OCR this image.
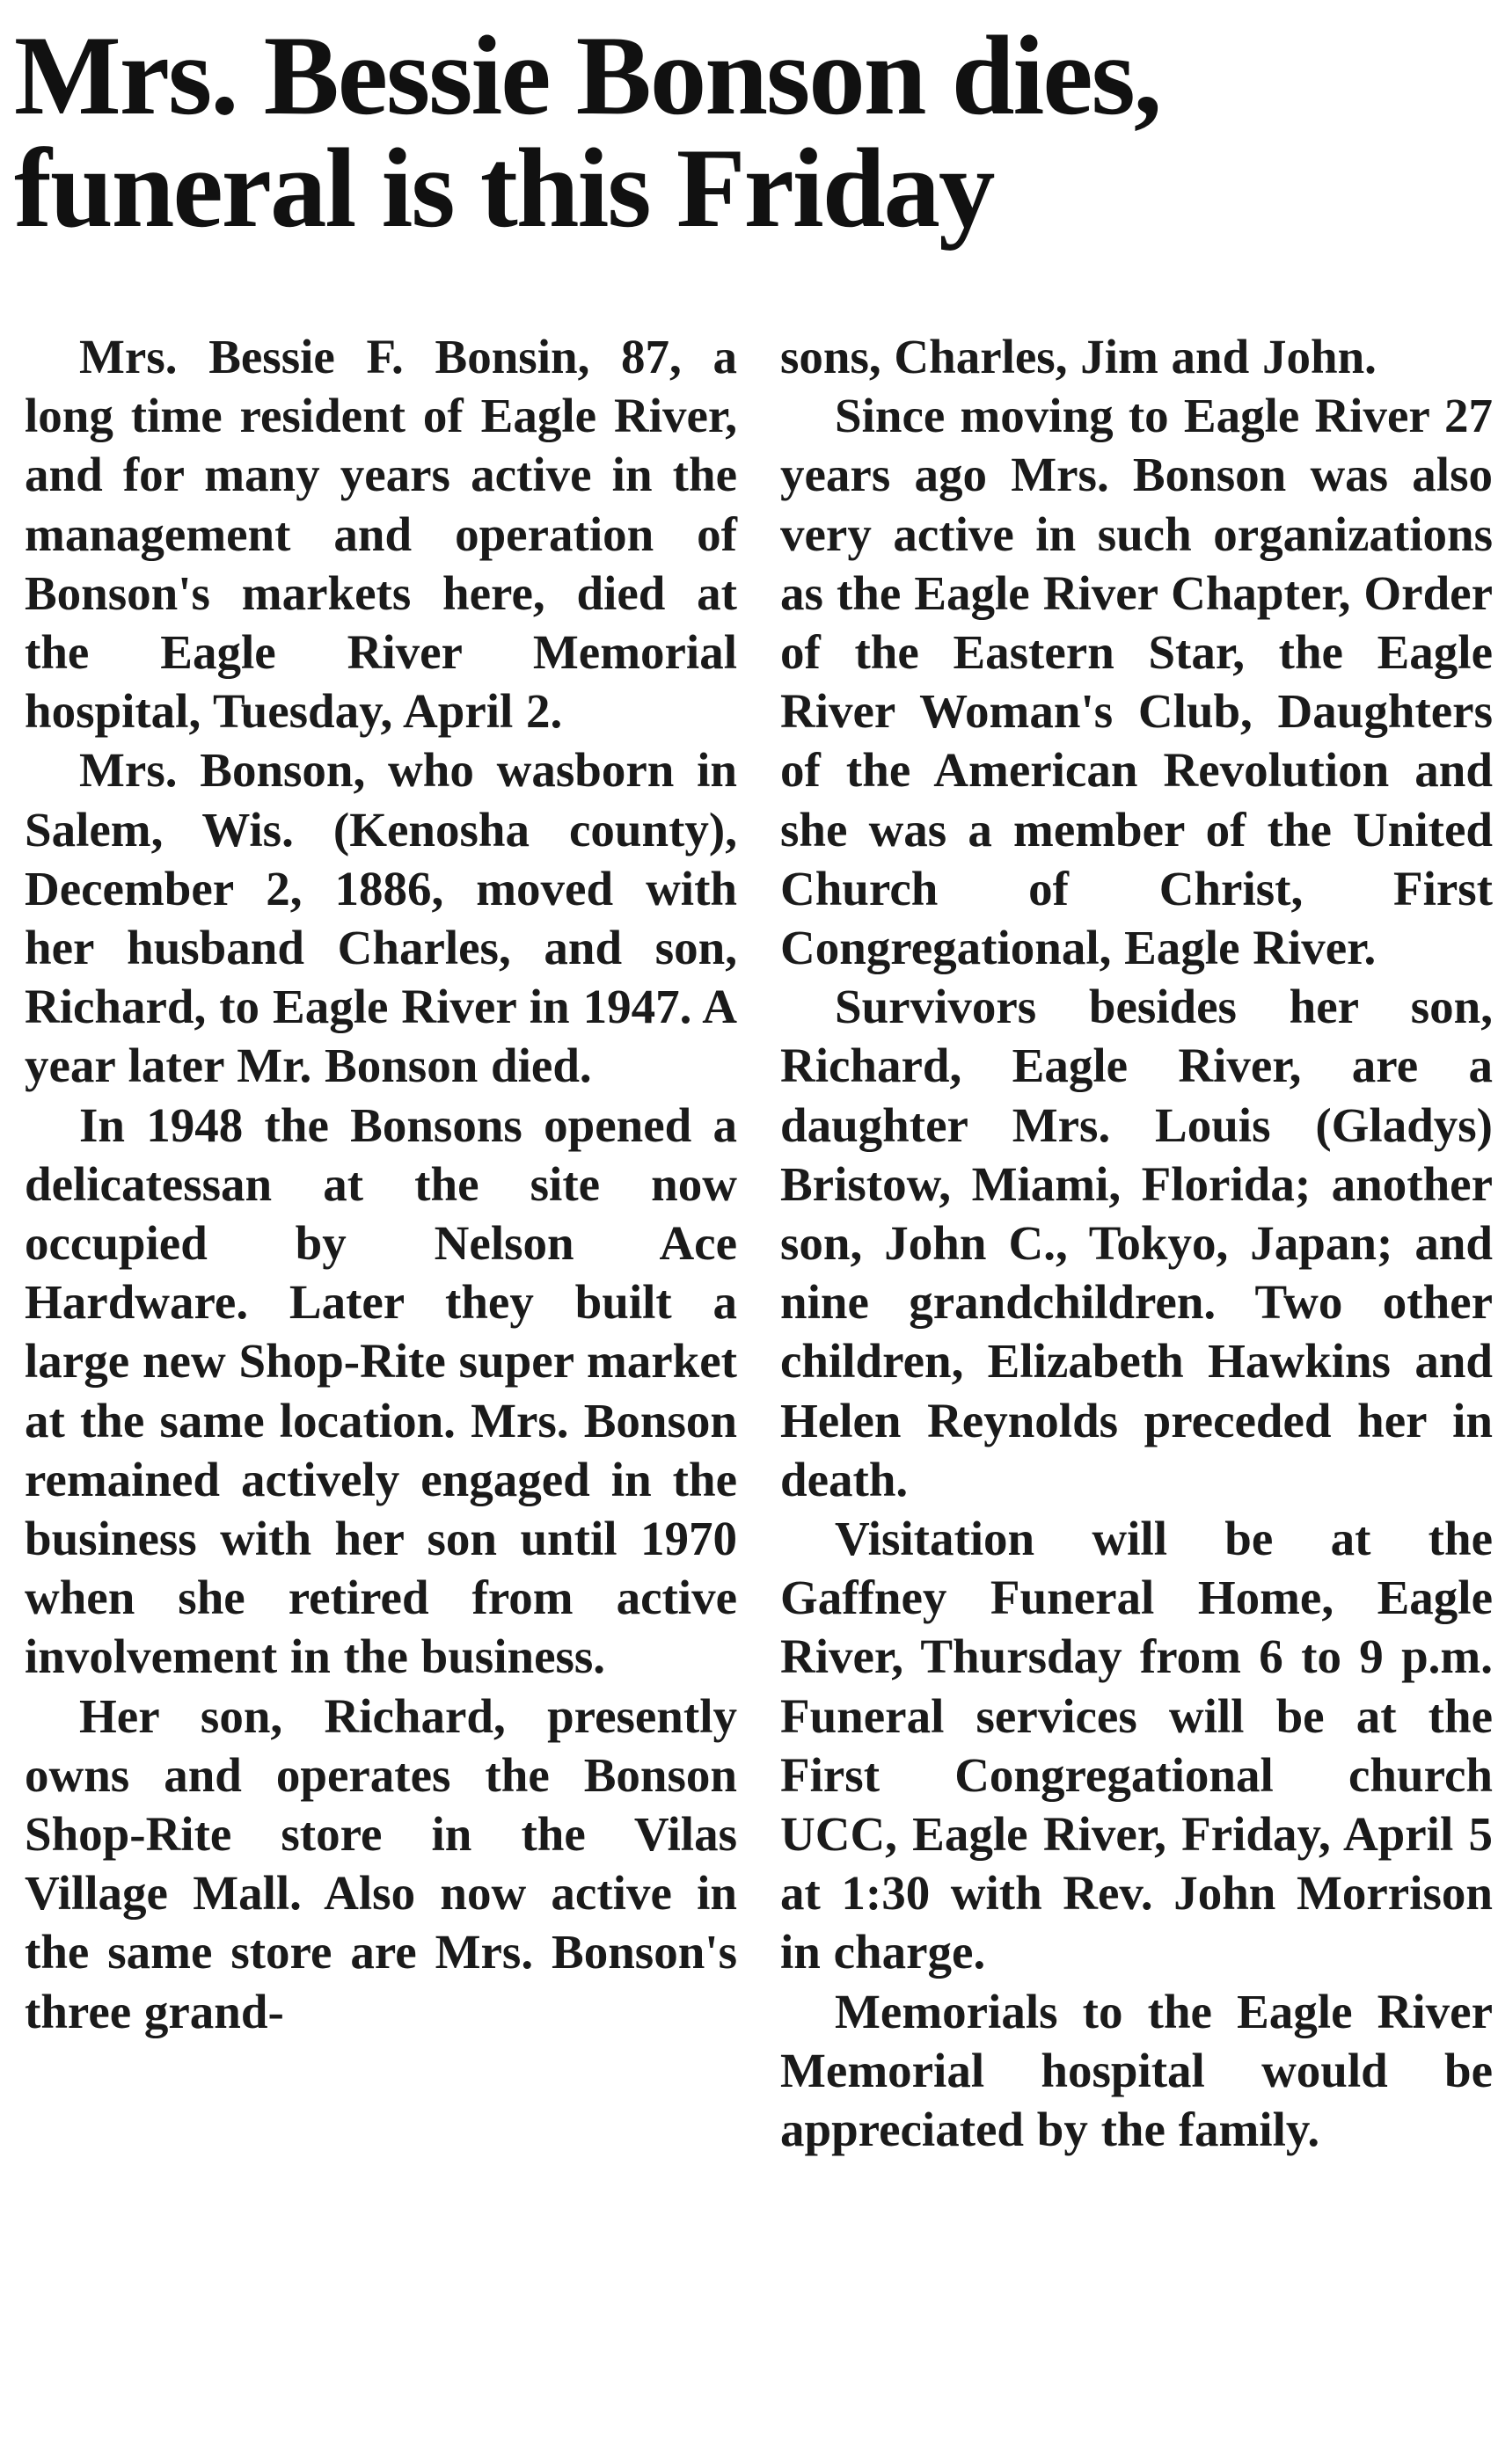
Mrs. Bessie Bonson dies,
funeral is this Friday

Mrs. Bessie F. Bonsin, 87, a long time resident of Eagle River, and for many years active in the management and operation of Bonson's markets here, died at the Eagle River Memorial hospital, Tuesday, April 2.

Mrs. Bonson, who wasborn in Salem, Wis. (Kenosha county), December 2, 1886, moved with her husband Charles, and son, Richard, to Eagle River in 1947. A year later Mr. Bonson died.

In 1948 the Bonsons opened a delicatessan at the site now occupied by Nelson Ace Hardware. Later they built a large new Shop-Rite super market at the same location. Mrs. Bonson remained actively engaged in the business with her son until 1970 when she retired from active involvement in the business.

Her son, Richard, presently owns and operates the Bonson Shop-Rite store in the Vilas Village Mall. Also now active in the same store are Mrs. Bonson's three grand-

sons, Charles, Jim and John.

Since moving to Eagle River 27 years ago Mrs. Bonson was also very active in such organizations as the Eagle River Chapter, Order of the Eastern Star, the Eagle River Woman's Club, Daughters of the American Revolution and she was a member of the United Church of Christ, First Congregational, Eagle River.

Survivors besides her son, Richard, Eagle River, are a daughter Mrs. Louis (Gladys) Bristow, Miami, Florida; another son, John C., Tokyo, Japan; and nine grandchildren. Two other children, Elizabeth Hawkins and Helen Reynolds preceded her in death.

Visitation will be at the Gaffney Funeral Home, Eagle River, Thursday from 6 to 9 p.m. Funeral services will be at the First Congregational church UCC, Eagle River, Friday, April 5 at 1:30 with Rev. John Morrison in charge.

Memorials to the Eagle River Memorial hospital would be appreciated by the family.
